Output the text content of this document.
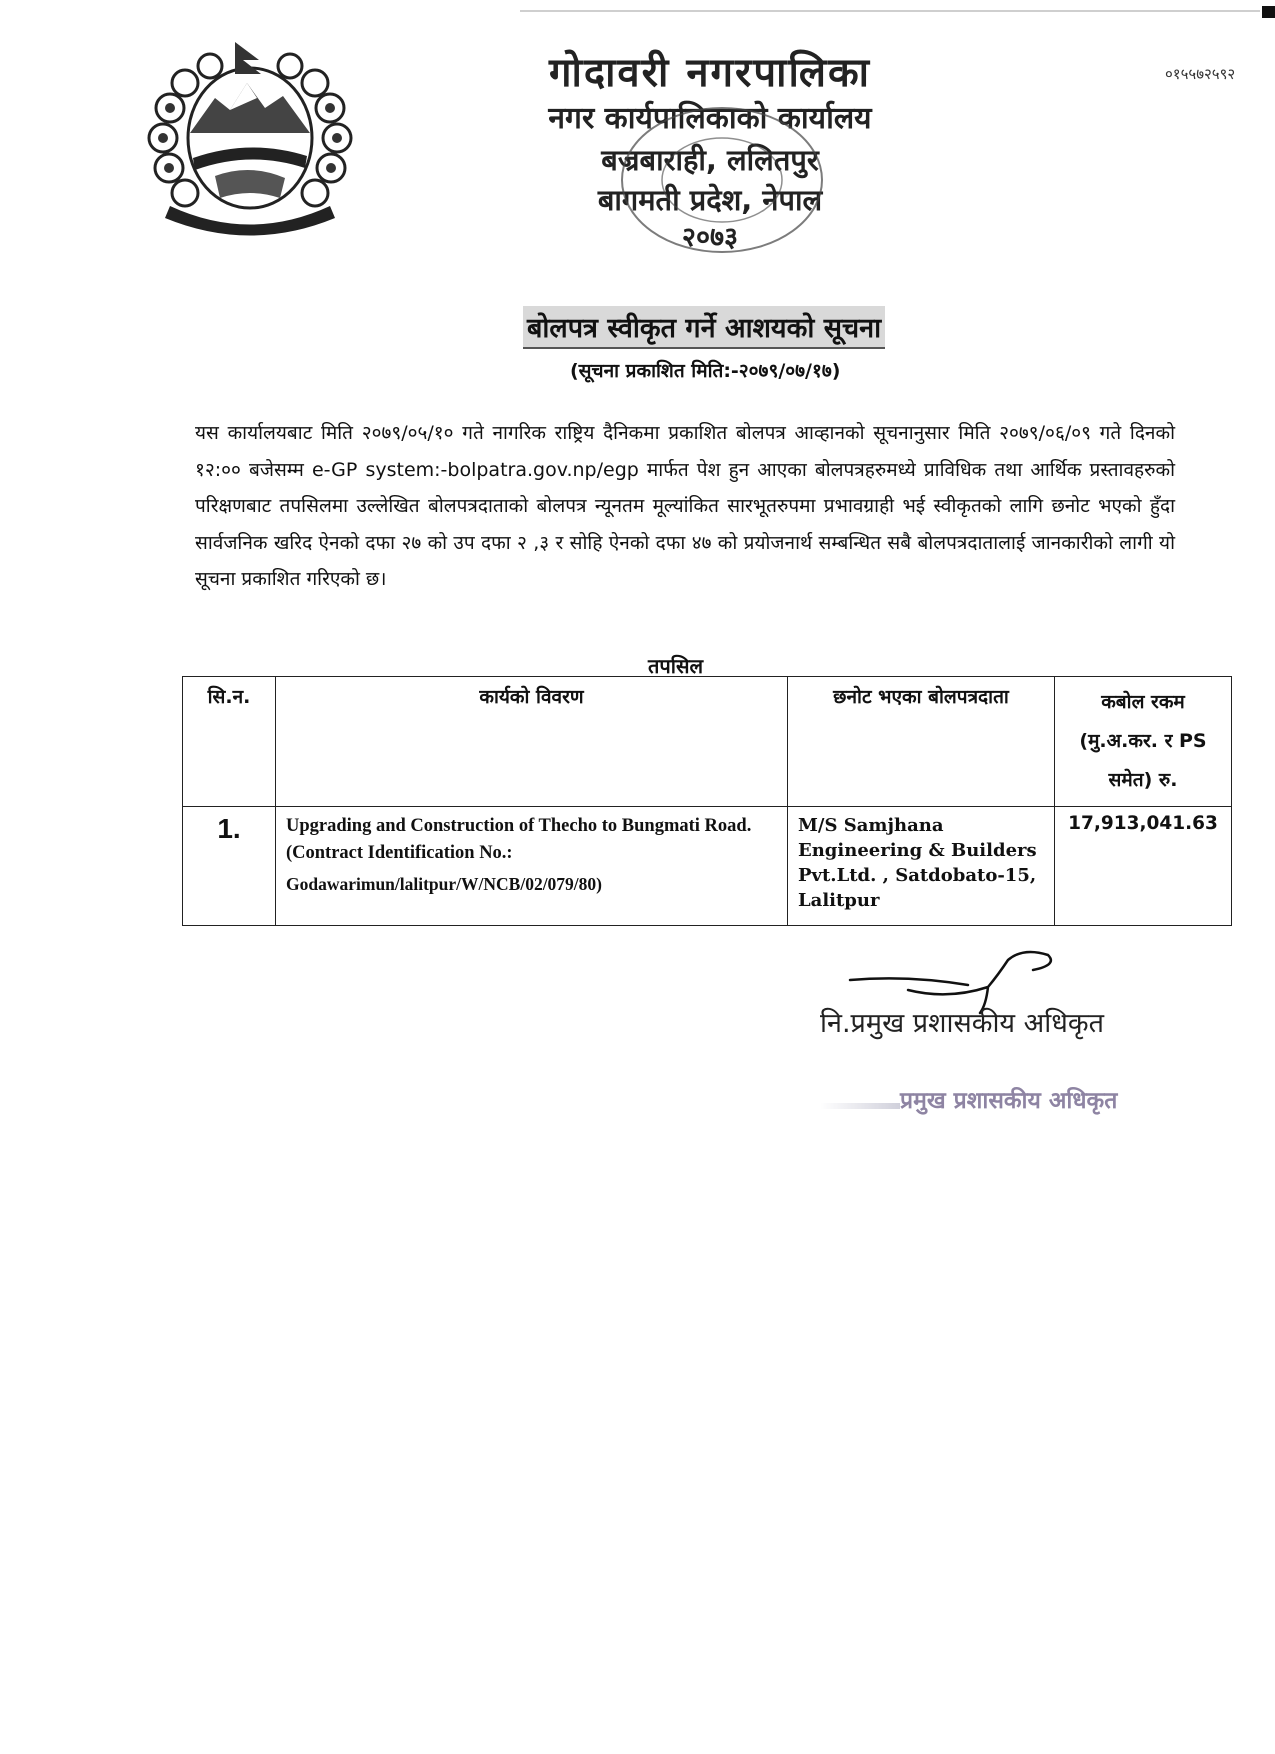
गोदावरी नगरपालिका
नगर कार्यपालिकाको कार्यालय
बज्रबाराही, ललितपुर
बागमती प्रदेश, नेपाल
२०७३
०१५५७२५९२
बोलपत्र स्वीकृत गर्ने आशयको सूचना
(सूचना प्रकाशित मिति:-२०७९/०७/१७)
यस कार्यालयबाट मिति २०७९/०५/१० गते नागरिक राष्ट्रिय दैनिकमा प्रकाशित बोलपत्र आव्हानको सूचनानुसार मिति २०७९/०६/०९ गते दिनको १२:०० बजेसम्म e-GP system:-bolpatra.gov.np/egp मार्फत पेश हुन आएका बोलपत्रहरुमध्ये प्राविधिक तथा आर्थिक प्रस्तावहरुको परिक्षणबाट तपसिलमा उल्लेखित बोलपत्रदाताको बोलपत्र न्यूनतम मूल्यांकित सारभूतरुपमा प्रभावग्राही भई स्वीकृतको लागि छनोट भएको हुँदा सार्वजनिक खरिद ऐनको दफा २७ को उप दफा २ ,३ र सोहि ऐनको दफा ४७ को प्रयोजनार्थ सम्बन्धित सबै बोलपत्रदातालाई जानकारीको लागी यो सूचना प्रकाशित गरिएको छ।
तपसिल
सि.न.	कार्यको विवरण	छनोट भएका बोलपत्रदाता	कबोल रकम
(मु.अ.कर. र PS
समेत) रु.

1.	Upgrading and Construction of Thecho to Bungmati Road. (Contract Identification No.:
Godawarimun/lalitpur/W/NCB/02/079/80)	M/S Samjhana Engineering & Builders Pvt.Ltd. , Satdobato-15, Lalitpur	17,913,041.63
नि.प्रमुख प्रशासकीय अधिकृत
प्रमुख प्रशासकीय अधिकृत
